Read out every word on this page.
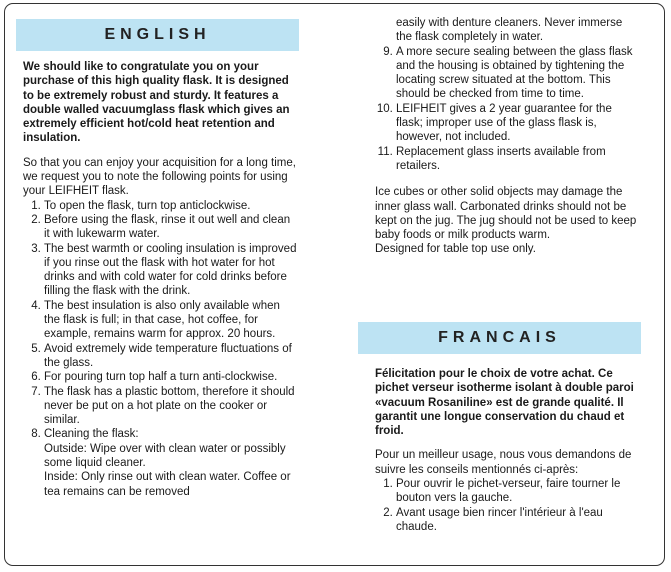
ENGLISH

We should like to congratulate you on your purchase of this high quality flask. It is designed to be extremely robust and sturdy. It features a double walled vacuumglass flask which gives an extremely efficient hot/cold heat retention and insulation.

So that you can enjoy your acquisition for a long time, we request you to note the following points for using your LEIFHEIT flask.

1. To open the flask, turn top anticlockwise.
2. Before using the flask, rinse it out well and clean it with lukewarm water.
3. The best warmth or cooling insulation is improved if you rinse out the flask with hot water for hot drinks and with cold water for cold drinks before filling the flask with the drink.
4. The best insulation is also only available when the flask is full; in that case, hot coffee, for example, remains warm for approx. 20 hours.
5. Avoid extremely wide temperature fluctuations of the glass.
6. For pouring turn top half a turn anti-clockwise.
7. The flask has a plastic bottom, therefore it should never be put on a hot plate on the cooker or similar.
8. Cleaning the flask:
Outside: Wipe over with clean water or possibly some liquid cleaner.
Inside: Only rinse out with clean water. Coffee or tea remains can be removed

easily with denture cleaners. Never immerse the flask completely in water.

9. A more secure sealing between the glass flask and the housing is obtained by tightening the locating screw situated at the bottom. This should be checked from time to time.
10. LEIFHEIT gives a 2 year guarantee for the flask; improper use of the glass flask is, however, not included.
11. Replacement glass inserts available from retailers.

Ice cubes or other solid objects may damage the inner glass wall. Carbonated drinks should not be kept on the jug. The jug should not be used to keep baby foods or milk products warm.

Designed for table top use only.

FRANCAIS

Félicitation pour le choix de votre achat. Ce pichet verseur isotherme isolant à double paroi «vacuum Rosaniline» est de grande qualité. Il garantit une longue conservation du chaud et froid.

Pour un meilleur usage, nous vous demandons de suivre les conseils mentionnés ci-après:

1. Pour ouvrir le pichet-verseur, faire tourner le bouton vers la gauche.
2. Avant usage bien rincer l'intérieur à l'eau chaude.
